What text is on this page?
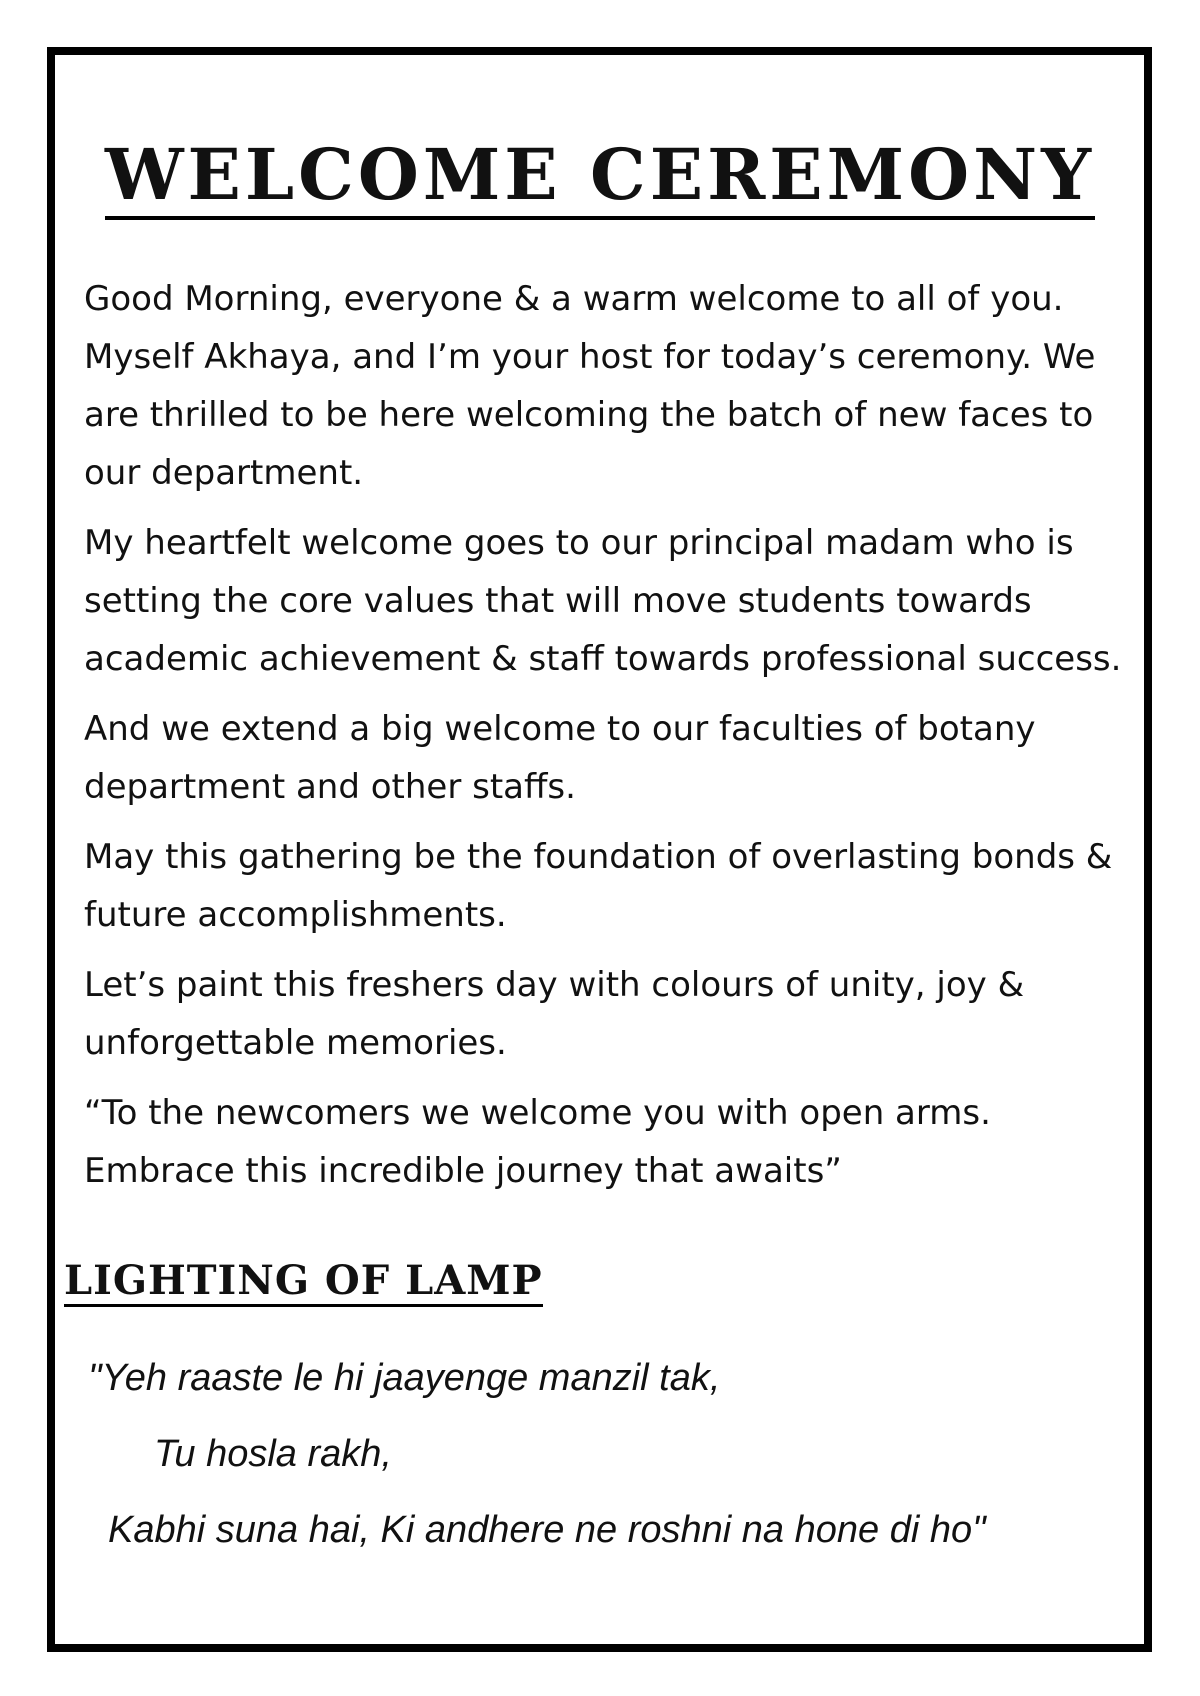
WELCOME CEREMONY

Good Morning, everyone & a warm welcome to all of you. Myself Akhaya, and I’m your host for today’s ceremony. We are thrilled to be here welcoming the batch of new faces to our department.

My heartfelt welcome goes to our principal madam who is setting the core values that will move students towards academic achievement & staff towards professional success.

And we extend a big welcome to our faculties of botany department and other staffs.

May this gathering be the foundation of overlasting bonds & future accomplishments.

Let’s paint this freshers day with colours of unity, joy & unforgettable memories.

“To the newcomers we welcome you with open arms. Embrace this incredible journey that awaits”

LIGHTING OF LAMP
"Yeh raaste le hi jaayenge manzil tak,
Tu hosla rakh,
Kabhi suna hai, Ki andhere ne roshni na hone di ho"
